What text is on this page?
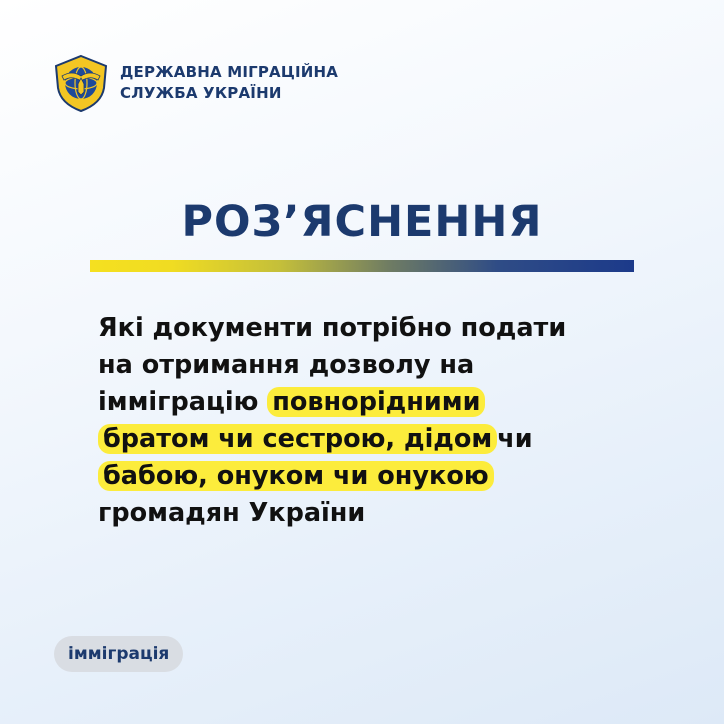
ДЕРЖАВНА МІГРАЦІЙНА
СЛУЖБА УКРАЇНИ
РОЗ’ЯСНЕННЯ
Які документи потрібно подати
на отримання дозволу на
імміграцію повнорідними
братом чи сестрою, дідом чи
бабою, онуком чи онукою
громадян України
імміграція
